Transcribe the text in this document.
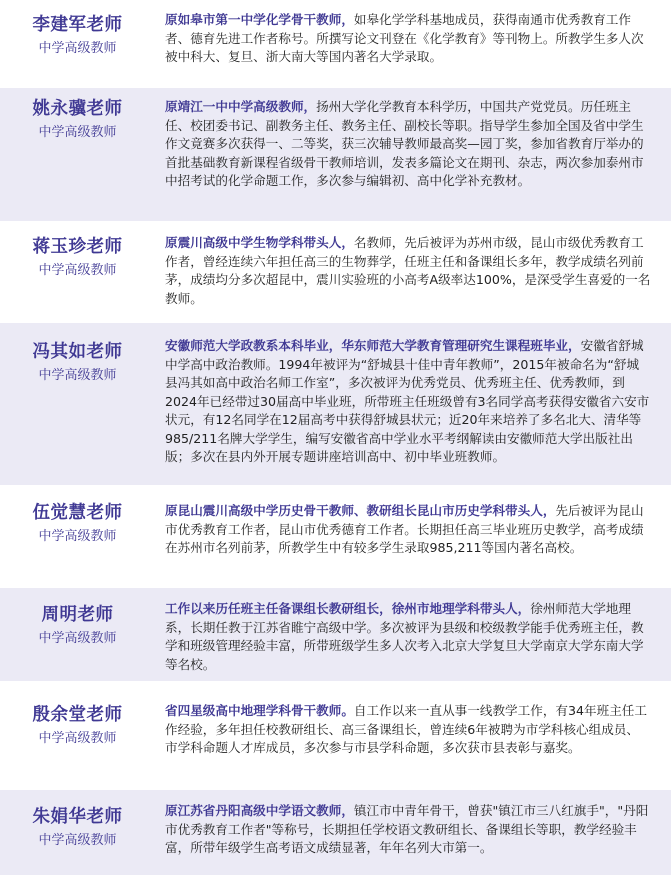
李建军老师
中学高级教师
原如皋市第一中学化学骨干教师，如皋化学学科基地成员，获得南通市优秀教育工作者、德育先进工作者称号。所撰写论文刊登在《化学教育》等刊物上。所教学生多人次被中科大、复旦、浙大南大等国内著名大学录取。
姚永骥老师
中学高级教师
原靖江一中中学高级教师，扬州大学化学教育本科学历，中国共产党党员。历任班主任、校团委书记、副教务主任、教务主任、副校长等职。指导学生参加全国及省中学生作文竟赛多次获得一、二等奖，获三次辅导教师最高奖—园丁奖，参加省教育厅举办的首批基础教育新课程省级骨干教师培训，发表多篇论文在期刊、杂志，两次参加泰州市中招考试的化学命题工作，多次参与编辑初、高中化学补充教材。
蒋玉珍老师
中学高级教师
原震川高级中学生物学科带头人，名教师，先后被评为苏州市级，昆山市级优秀教育工作者，曾经连续六年担任高三的生物葬学，任班主任和备课组长多年，教学成绩名列前茅，成绩均分多次超昆中，震川实验班的小高考A级率达100%，是深受学生喜爱的一名教师。
冯其如老师
中学高级教师
安徽师范大学政教系本科毕业，华东师范大学教育管理研究生课程班毕业，安徽省舒城中学高中政治教师。1994年被评为“舒城县十佳中青年教师”，2015年被命名为“舒城县冯其如高中政治名师工作室”，多次被评为优秀党员、优秀班主任、优秀教师，到2024年已经带过30届高中毕业班，所带班主任班级曾有3名同学高考获得安徽省六安市状元，有12名同学在12届高考中获得舒城县状元；近20年来培养了多名北大、清华等985/211名牌大学学生，编写安徽省高中学业水平考纲解读由安徽师范大学出版社出版；多次在县内外开展专题讲座培训高中、初中毕业班教师。
伍觉慧老师
中学高级教师
原昆山震川高级中学历史骨干教师、教研组长昆山市历史学科带头人，先后被评为昆山市优秀教育工作者，昆山市优秀德育工作者。长期担任高三毕业班历史教学，高考成绩在苏州市名列前茅，所教学生中有较多学生录取985,211等国内著名高校。
周明老师
中学高级教师
工作以来历任班主任备课组长教研组长，徐州市地理学科带头人，徐州师范大学地理系，长期任教于江苏省睢宁高级中学。多次被评为县级和校级教学能手优秀班主任，教学和班级管理经验丰富，所带班级学生多人次考入北京大学复旦大学南京大学东南大学等名校。
殷余堂老师
中学高级教师
省四星级高中地理学科骨干教师。自工作以来一直从事一线教学工作，有34年班主任工作经验，多年担任校教研组长、高三备课组长，曾连续6年被聘为市学科核心组成员、市学科命题人才库成员，多次参与市县学科命题，多次获市县表彰与嘉奖。
朱娟华老师
中学高级教师
原江苏省丹阳高级中学语文教师，镇江市中青年骨干，曾获"镇江市三八红旗手"，"丹阳市优秀教育工作者"等称号，长期担任学校语文教研组长、备课组长等职，教学经验丰富，所带年级学生高考语文成绩显著，年年名列大市第一。
